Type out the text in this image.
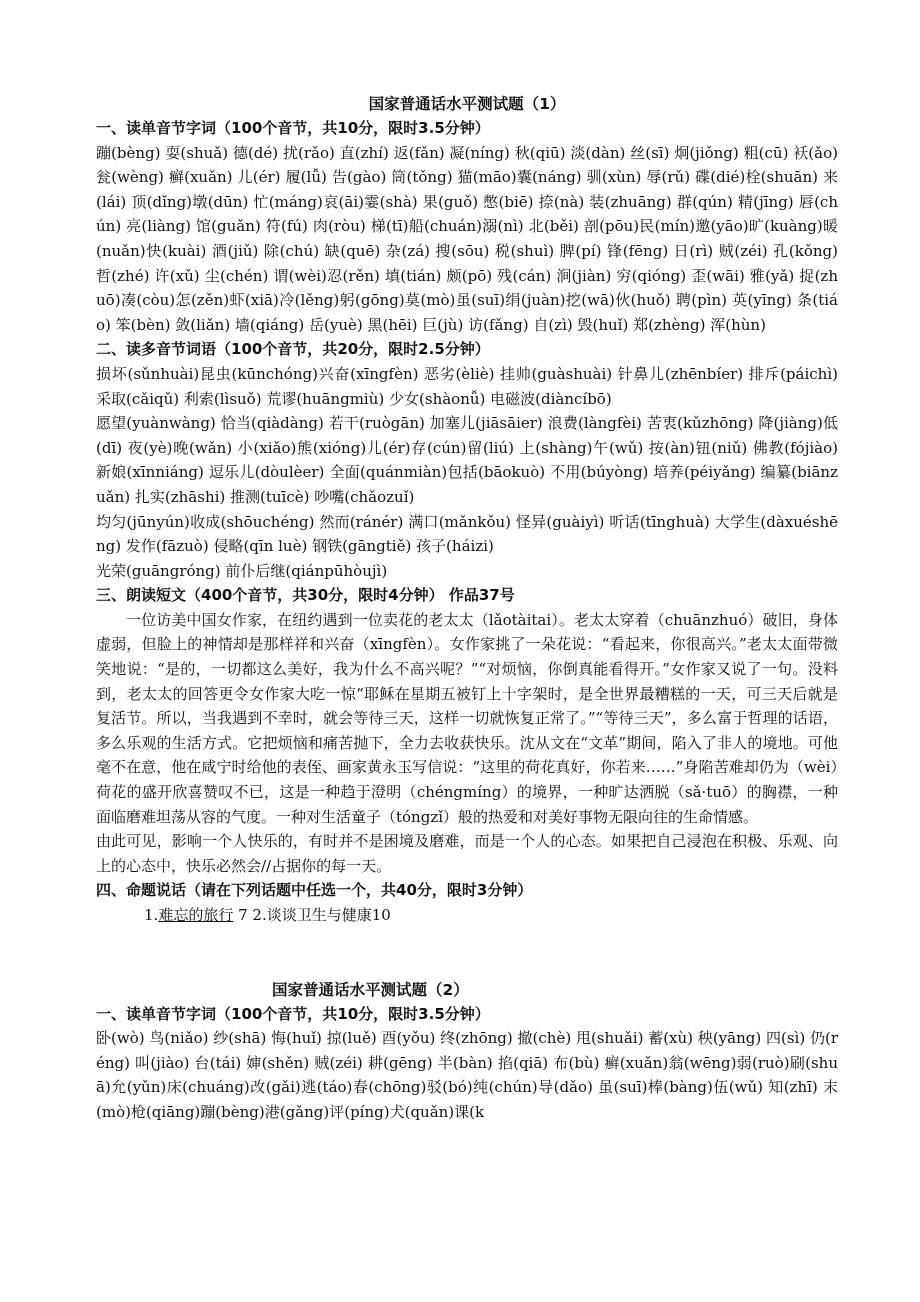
国家普通话水平测试题（1）
一、读单音节字词（100个音节，共10分，限时3.5分钟）

蹦(bèng) 耍(shuǎ) 德(dé) 扰(rǎo) 直(zhí) 返(fǎn) 凝(níng) 秋(qiū) 淡(dàn) 丝(sī) 炯(jiǒng) 粗(cū) 袄(ǎo) 瓮(wèng) 癣(xuǎn) 儿(ér) 履(lǚ) 告(gào) 筒(tǒng) 猫(māo)囊(náng) 驯(xùn) 辱(rǔ) 碟(dié)栓(shuān) 来(lái) 顶(dǐng)墩(dūn) 忙(máng)哀(āi)霎(shà) 果(guǒ) 憋(biē) 捺(nà) 装(zhuāng) 群(qún) 精(jīng) 唇(chún) 亮(liàng) 馆(guǎn) 符(fú) 肉(ròu) 梯(tī)船(chuán)溺(nì) 北(běi) 剖(pōu)民(mín)邀(yāo)旷(kuàng)暖(nuǎn)快(kuài) 酒(jiǔ) 除(chú) 缺(quē) 杂(zá) 搜(sōu) 税(shuì) 脾(pí) 锋(fēng) 日(rì) 贼(zéi) 孔(kǒng) 哲(zhé) 许(xǔ) 尘(chén) 谓(wèi)忍(rěn) 填(tián) 颇(pō) 残(cán) 涧(jiàn) 穷(qióng) 歪(wāi) 雅(yǎ) 捉(zhuō)凑(còu)怎(zěn)虾(xiā)冷(lěng)躬(gōng)莫(mò)虽(suī)绢(juàn)挖(wā)伙(huǒ) 聘(pìn) 英(yīng) 条(tiáo) 笨(bèn) 敛(liǎn) 墙(qiáng) 岳(yuè) 黑(hēi) 巨(jù) 访(fǎng) 自(zì) 毁(huǐ) 郑(zhèng) 浑(hùn)

二、读多音节词语（100个音节，共20分，限时2.5分钟）

损坏(sǔnhuài)昆虫(kūnchóng)兴奋(xīngfèn) 恶劣(èliè) 挂帅(guàshuài) 针鼻儿(zhēnbíer) 排斥(páichì) 采取(cǎiqǔ) 利索(lìsuǒ) 荒谬(huāngmiù) 少女(shàonǚ) 电磁波(diàncíbō)

愿望(yuànwàng) 恰当(qiàdàng) 若干(ruògān) 加塞儿(jiāsāier) 浪费(làngfèi) 苦衷(kǔzhōng) 降(jiàng)低(dī) 夜(yè)晚(wǎn) 小(xiǎo)熊(xióng)儿(ér)存(cún)留(liú) 上(shàng)午(wǔ) 按(àn)钮(niǔ) 佛教(fójiào) 新娘(xīnniáng) 逗乐儿(dòulèer) 全面(quánmiàn)包括(bāokuò) 不用(búyòng) 培养(péiyǎng) 编纂(biānzuǎn) 扎实(zhāshi) 推测(tuīcè) 吵嘴(chǎozuǐ)

均匀(jūnyún)收成(shōuchéng) 然而(ránér) 满口(mǎnkǒu) 怪异(guàiyì) 听话(tīnghuà) 大学生(dàxuéshēng) 发作(fāzuò) 侵略(qīn luè) 钢铁(gāngtiě) 孩子(háizi)

光荣(guāngróng) 前仆后继(qiánpūhòujì)

三、朗读短文（400个音节，共30分，限时4分钟） 作品37号

一位访美中国女作家，在纽约遇到一位卖花的老太太（lǎotàitai）。老太太穿着（chuānzhuó）破旧，身体虚弱，但脸上的神情却是那样祥和兴奋（xīngfèn）。女作家挑了一朵花说：“看起来，你很高兴。”老太太面带微笑地说：“是的，一切都这么美好，我为什么不高兴呢？”“对烦恼，你倒真能看得开。”女作家又说了一句。没料到，老太太的回答更令女作家大吃一惊“耶稣在星期五被钉上十字架时，是全世界最糟糕的一天，可三天后就是复活节。所以，当我遇到不幸时，就会等待三天，这样一切就恢复正常了。”“等待三天”，多么富于哲理的话语，多么乐观的生活方式。它把烦恼和痛苦抛下，全力去收获快乐。沈从文在“文革”期间，陷入了非人的境地。可他毫不在意，他在咸宁时给他的表侄、画家黄永玉写信说：“这里的荷花真好，你若来……”身陷苦难却仍为（wèi）荷花的盛开欣喜赞叹不已，这是一种趋于澄明（chéngmíng）的境界，一种旷达洒脱（sǎ·tuō）的胸襟，一种面临磨难坦荡从容的气度。一种对生活童子（tóngzǐ）般的热爱和对美好事物无限向往的生命情感。

由此可见，影响一个人快乐的，有时并不是困境及磨难，而是一个人的心态。如果把自己浸泡在积极、乐观、向上的心态中，快乐必然会//占据你的每一天。

四、命题说话（请在下列话题中任选一个，共40分，限时3分钟）

1.难忘的旅行 7 2.谈谈卫生与健康10

国家普通话水平测试题（2）
一、读单音节字词（100个音节，共10分，限时3.5分钟）

卧(wò) 鸟(niǎo) 纱(shā) 悔(huǐ) 掠(luě) 酉(yǒu) 终(zhōng) 撤(chè) 甩(shuǎi) 蓄(xù) 秧(yāng) 四(sì) 仍(réng) 叫(jiào) 台(tái) 婶(shěn) 贼(zéi) 耕(gēng) 半(bàn) 掐(qiā) 布(bù) 癣(xuǎn)翁(wēng)弱(ruò)刷(shuā)允(yǔn)床(chuáng)改(gǎi)逃(táo)春(chōng)驳(bó)纯(chún)导(dǎo) 虽(suī)棒(bàng)伍(wǔ) 知(zhī) 末(mò)枪(qiāng)蹦(bèng)港(gǎng)评(píng)犬(quǎn)课(k
